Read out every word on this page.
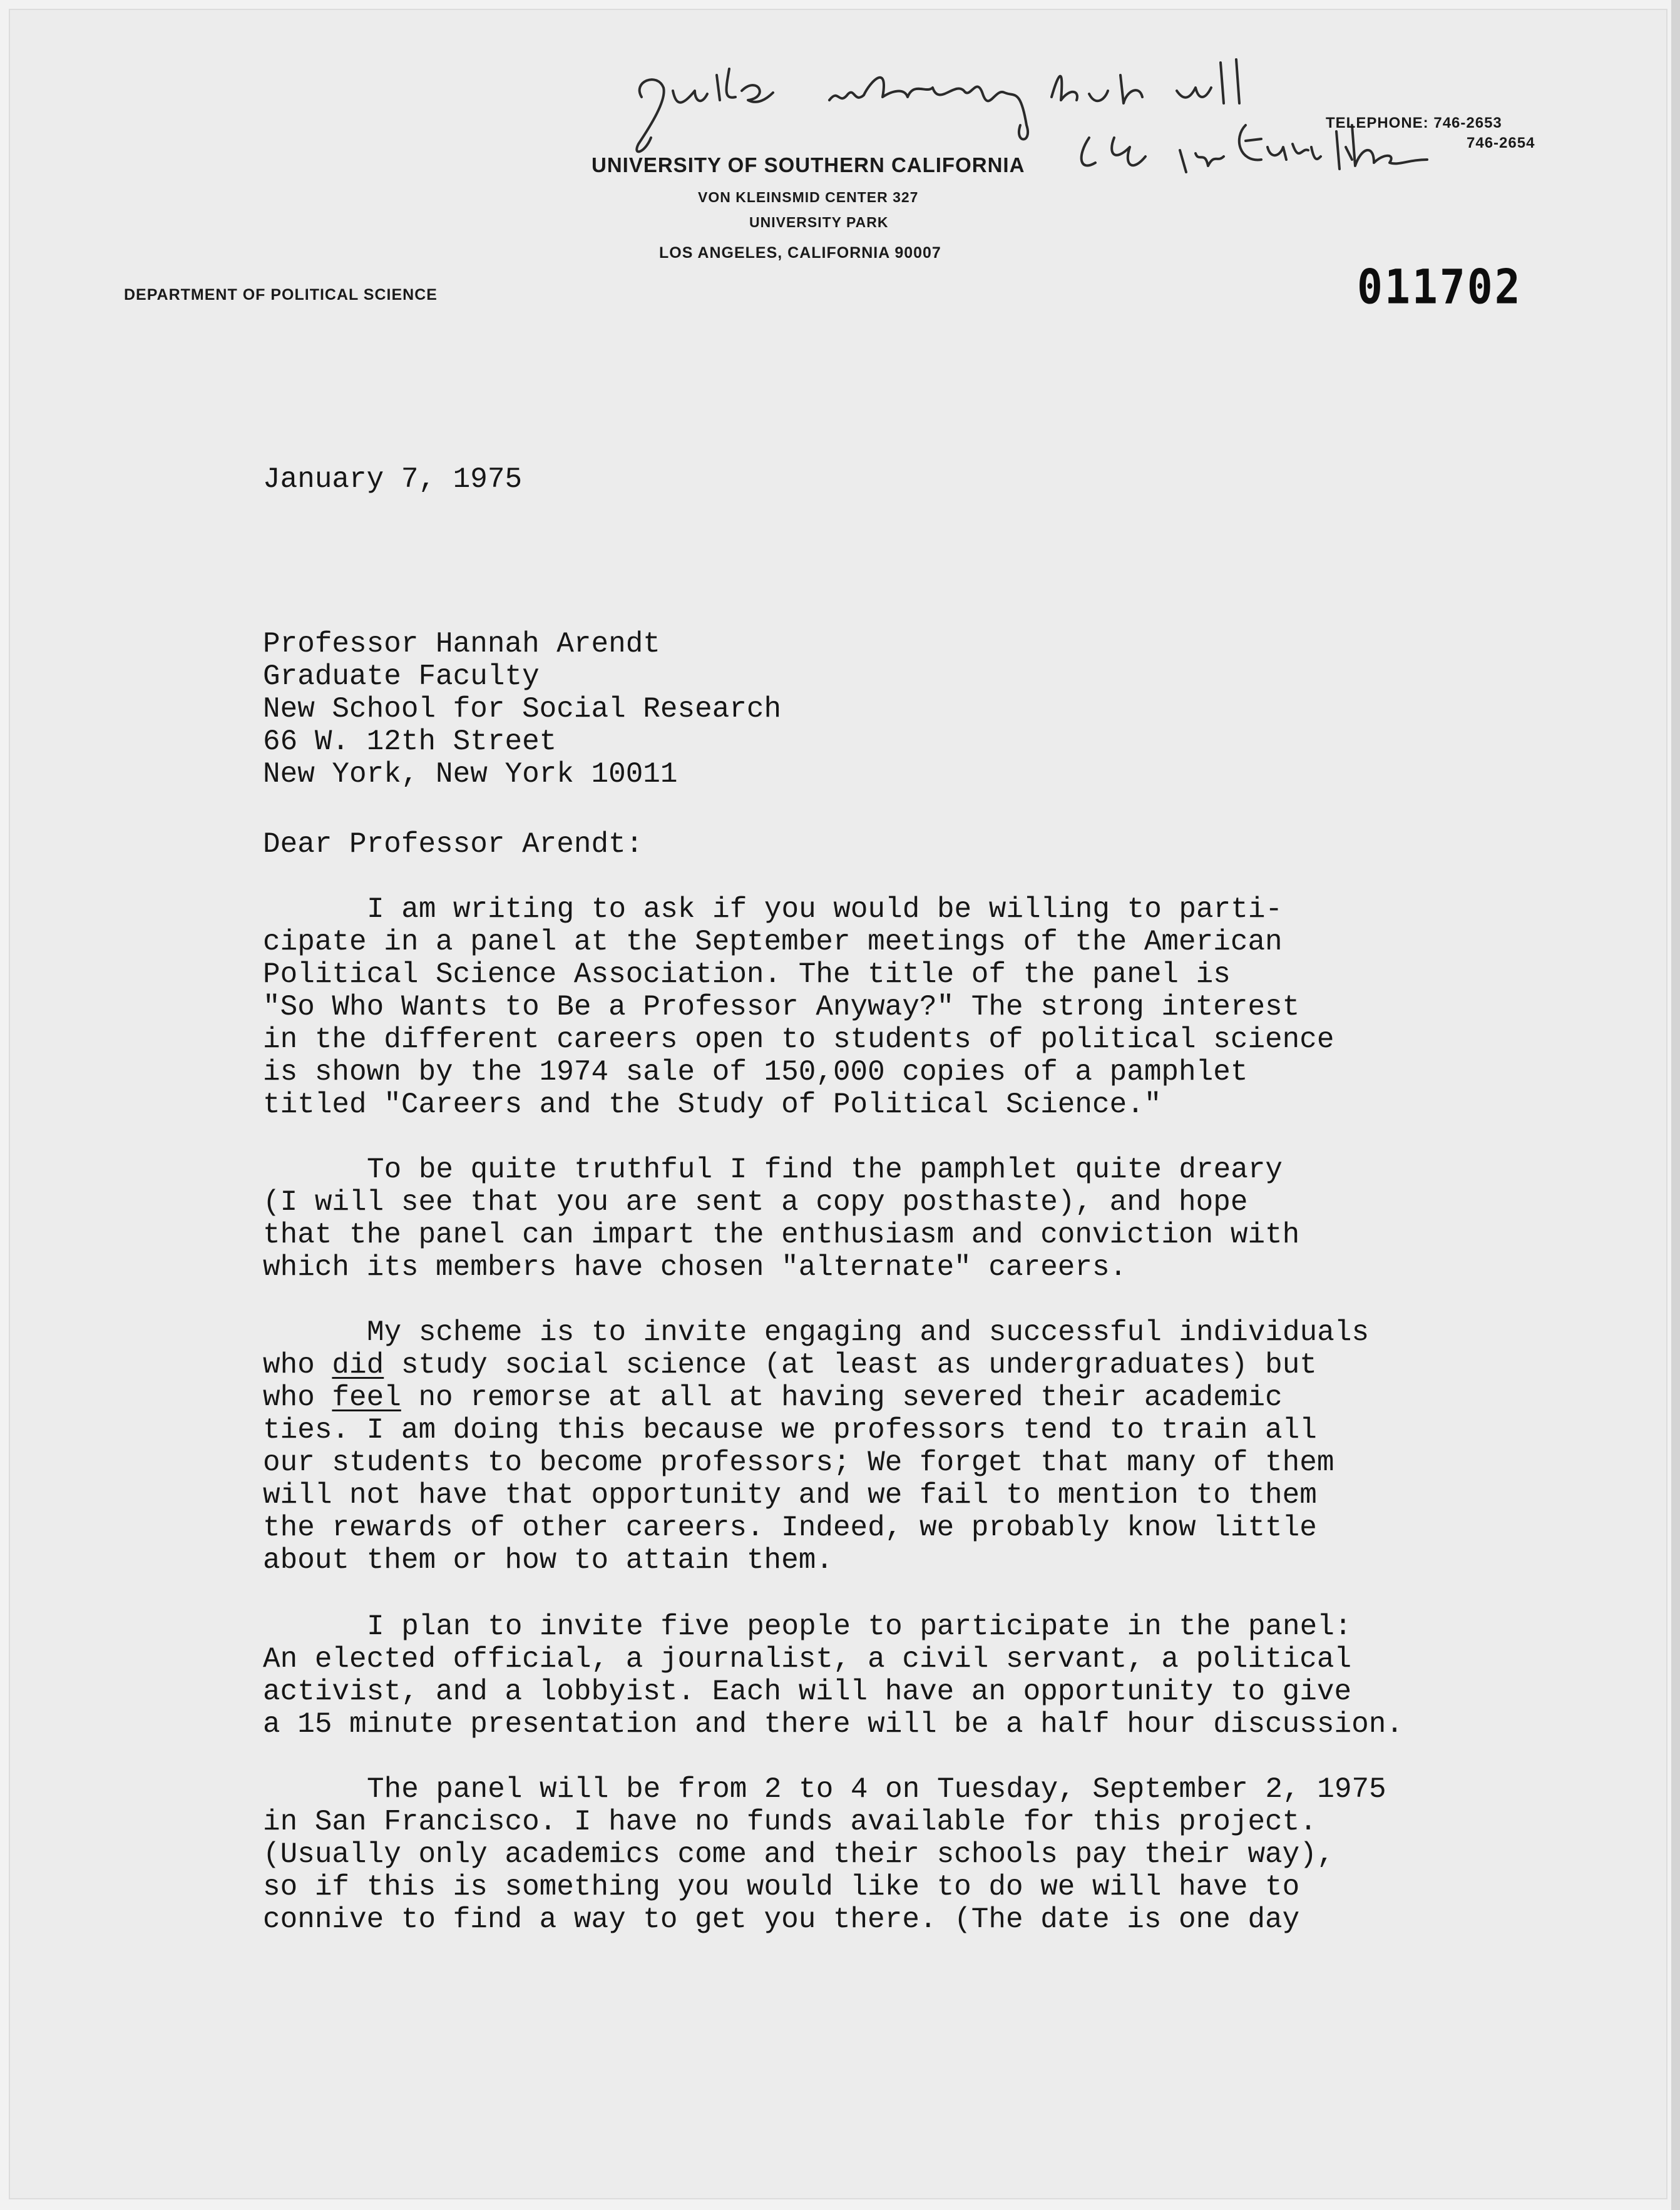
UNIVERSITY OF SOUTHERN CALIFORNIA
VON KLEINSMID CENTER 327
UNIVERSITY PARK
LOS ANGELES, CALIFORNIA 90007
TELEPHONE: 746-2653
746-2654
DEPARTMENT OF POLITICAL SCIENCE	011702
January 7, 1975
Professor Hannah Arendt
Graduate Faculty
New School for Social Research
66 W. 12th Street
New York, New York 10011
Dear Professor Arendt:
I am writing to ask if you would be willing to parti-
cipate in a panel at the September meetings of the American
Political Science Association. The title of the panel is
"So Who Wants to Be a Professor Anyway?" The strong interest
in the different careers open to students of political science
is shown by the 1974 sale of 150,000 copies of a pamphlet
titled "Careers and the Study of Political Science."
To be quite truthful I find the pamphlet quite dreary
(I will see that you are sent a copy posthaste), and hope
that the panel can impart the enthusiasm and conviction with
which its members have chosen "alternate" careers.
My scheme is to invite engaging and successful individuals
who did study social science (at least as undergraduates) but
who feel no remorse at all at having severed their academic
ties. I am doing this because we professors tend to train all
our students to become professors; We forget that many of them
will not have that opportunity and we fail to mention to them
the rewards of other careers. Indeed, we probably know little
about them or how to attain them.
I plan to invite five people to participate in the panel:
An elected official, a journalist, a civil servant, a political
activist, and a lobbyist. Each will have an opportunity to give
a 15 minute presentation and there will be a half hour discussion.
The panel will be from 2 to 4 on Tuesday, September 2, 1975
in San Francisco. I have no funds available for this project.
(Usually only academics come and their schools pay their way),
so if this is something you would like to do we will have to
connive to find a way to get you there. (The date is one day
